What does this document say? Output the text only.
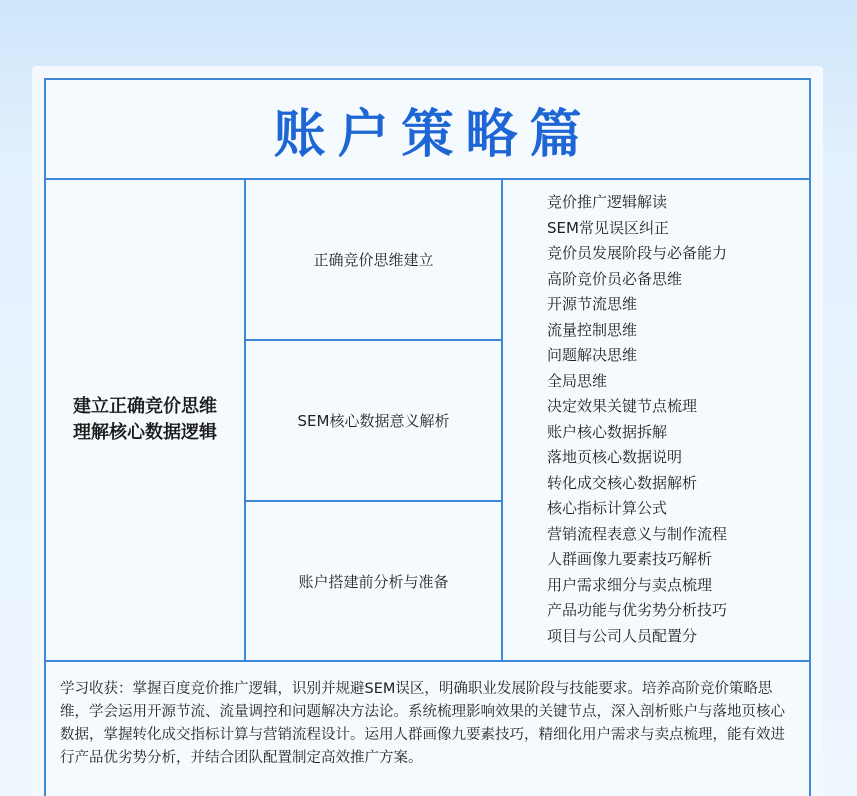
账户策略篇
建立正确竞价思维
理解核心数据逻辑
正确竞价思维建立
SEM核心数据意义解析
账户搭建前分析与准备
竞价推广逻辑解读
SEM常见误区纠正
竞价员发展阶段与必备能力
高阶竞价员必备思维
开源节流思维
流量控制思维
问题解决思维
全局思维
决定效果关键节点梳理
账户核心数据拆解
落地页核心数据说明
转化成交核心数据解析
核心指标计算公式
营销流程表意义与制作流程
人群画像九要素技巧解析
用户需求细分与卖点梳理
产品功能与优劣势分析技巧
项目与公司人员配置分
学习收获：掌握百度竞价推广逻辑，识别并规避SEM误区，明确职业发展阶段与技能要求。培养高阶竞价策略思维，学会运用开源节流、流量调控和问题解决方法论。系统梳理影响效果的关键节点，深入剖析账户与落地页核心数据，掌握转化成交指标计算与营销流程设计。运用人群画像九要素技巧，精细化用户需求与卖点梳理，能有效进行产品优劣势分析，并结合团队配置制定高效推广方案。
